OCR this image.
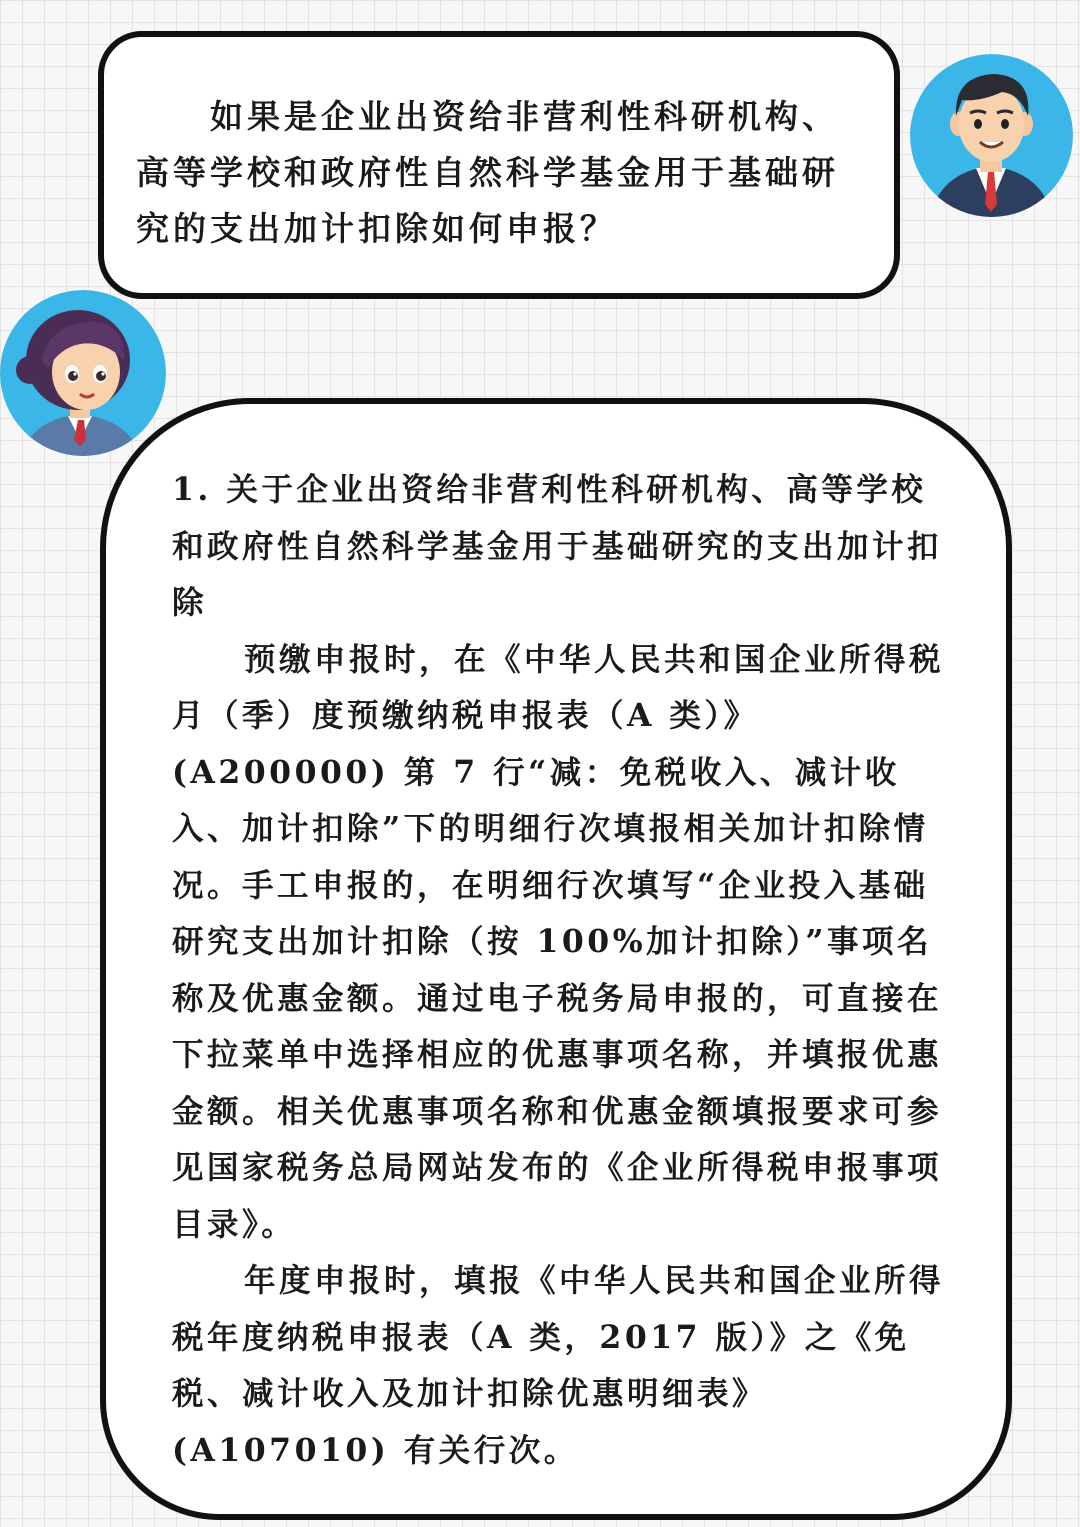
如果是企业出资给非营利性科研机构、高等学校和政府性自然科学基金用于基础研究的支出加计扣除如何申报？

1. 关于企业出资给非营利性科研机构、高等学校和政府性自然科学基金用于基础研究的支出加计扣除

预缴申报时，在《中华人民共和国企业所得税月（季）度预缴纳税申报表（A 类）》(A200000) 第 7 行“减：免税收入、减计收入、加计扣除”下的明细行次填报相关加计扣除情况。手工申报的，在明细行次填写“企业投入基础研究支出加计扣除（按 100%加计扣除）”事项名称及优惠金额。通过电子税务局申报的，可直接在下拉菜单中选择相应的优惠事项名称，并填报优惠金额。相关优惠事项名称和优惠金额填报要求可参见国家税务总局网站发布的《企业所得税申报事项目录》。

年度申报时，填报《中华人民共和国企业所得税年度纳税申报表（A 类，2017 版）》之《免税、减计收入及加计扣除优惠明细表》(A107010) 有关行次。
